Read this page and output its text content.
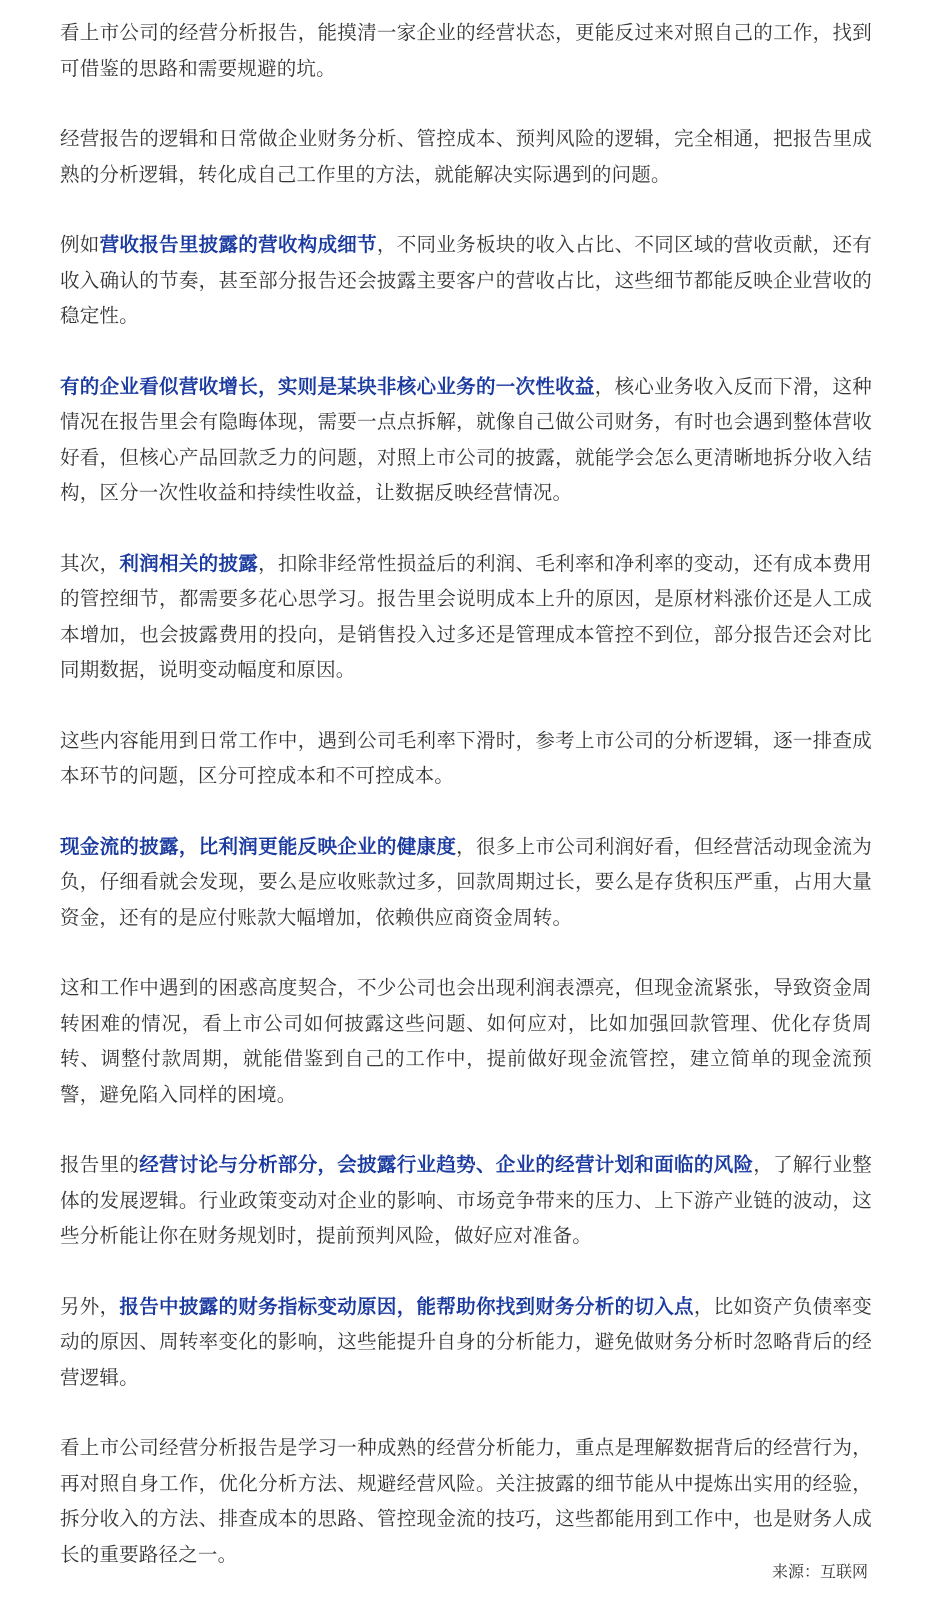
看上市公司的经营分析报告，能摸清一家企业的经营状态，更能反过来对照自己的工作，找到可借鉴的思路和需要规避的坑。

经营报告的逻辑和日常做企业财务分析、管控成本、预判风险的逻辑，完全相通，把报告里成熟的分析逻辑，转化成自己工作里的方法，就能解决实际遇到的问题。

例如营收报告里披露的营收构成细节，不同业务板块的收入占比、不同区域的营收贡献，还有收入确认的节奏，甚至部分报告还会披露主要客户的营收占比，这些细节都能反映企业营收的稳定性。

有的企业看似营收增长，实则是某块非核心业务的一次性收益，核心业务收入反而下滑，这种情况在报告里会有隐晦体现，需要一点点拆解，就像自己做公司财务，有时也会遇到整体营收好看，但核心产品回款乏力的问题，对照上市公司的披露，就能学会怎么更清晰地拆分收入结构，区分一次性收益和持续性收益，让数据反映经营情况。

其次，利润相关的披露，扣除非经常性损益后的利润、毛利率和净利率的变动，还有成本费用的管控细节，都需要多花心思学习。报告里会说明成本上升的原因，是原材料涨价还是人工成本增加，也会披露费用的投向，是销售投入过多还是管理成本管控不到位，部分报告还会对比同期数据，说明变动幅度和原因。

这些内容能用到日常工作中，遇到公司毛利率下滑时，参考上市公司的分析逻辑，逐一排查成本环节的问题，区分可控成本和不可控成本。

现金流的披露，比利润更能反映企业的健康度，很多上市公司利润好看，但经营活动现金流为负，仔细看就会发现，要么是应收账款过多，回款周期过长，要么是存货积压严重，占用大量资金，还有的是应付账款大幅增加，依赖供应商资金周转。

这和工作中遇到的困惑高度契合，不少公司也会出现利润表漂亮，但现金流紧张，导致资金周转困难的情况，看上市公司如何披露这些问题、如何应对，比如加强回款管理、优化存货周转、调整付款周期，就能借鉴到自己的工作中，提前做好现金流管控，建立简单的现金流预警，避免陷入同样的困境。

报告里的经营讨论与分析部分，会披露行业趋势、企业的经营计划和面临的风险，了解行业整体的发展逻辑。行业政策变动对企业的影响、市场竞争带来的压力、上下游产业链的波动，这些分析能让你在财务规划时，提前预判风险，做好应对准备。

另外，报告中披露的财务指标变动原因，能帮助你找到财务分析的切入点，比如资产负债率变动的原因、周转率变化的影响，这些能提升自身的分析能力，避免做财务分析时忽略背后的经营逻辑。

看上市公司经营分析报告是学习一种成熟的经营分析能力，重点是理解数据背后的经营行为，再对照自身工作，优化分析方法、规避经营风险。关注披露的细节能从中提炼出实用的经验，拆分收入的方法、排查成本的思路、管控现金流的技巧，这些都能用到工作中，也是财务人成长的重要路径之一。

来源：互联网
